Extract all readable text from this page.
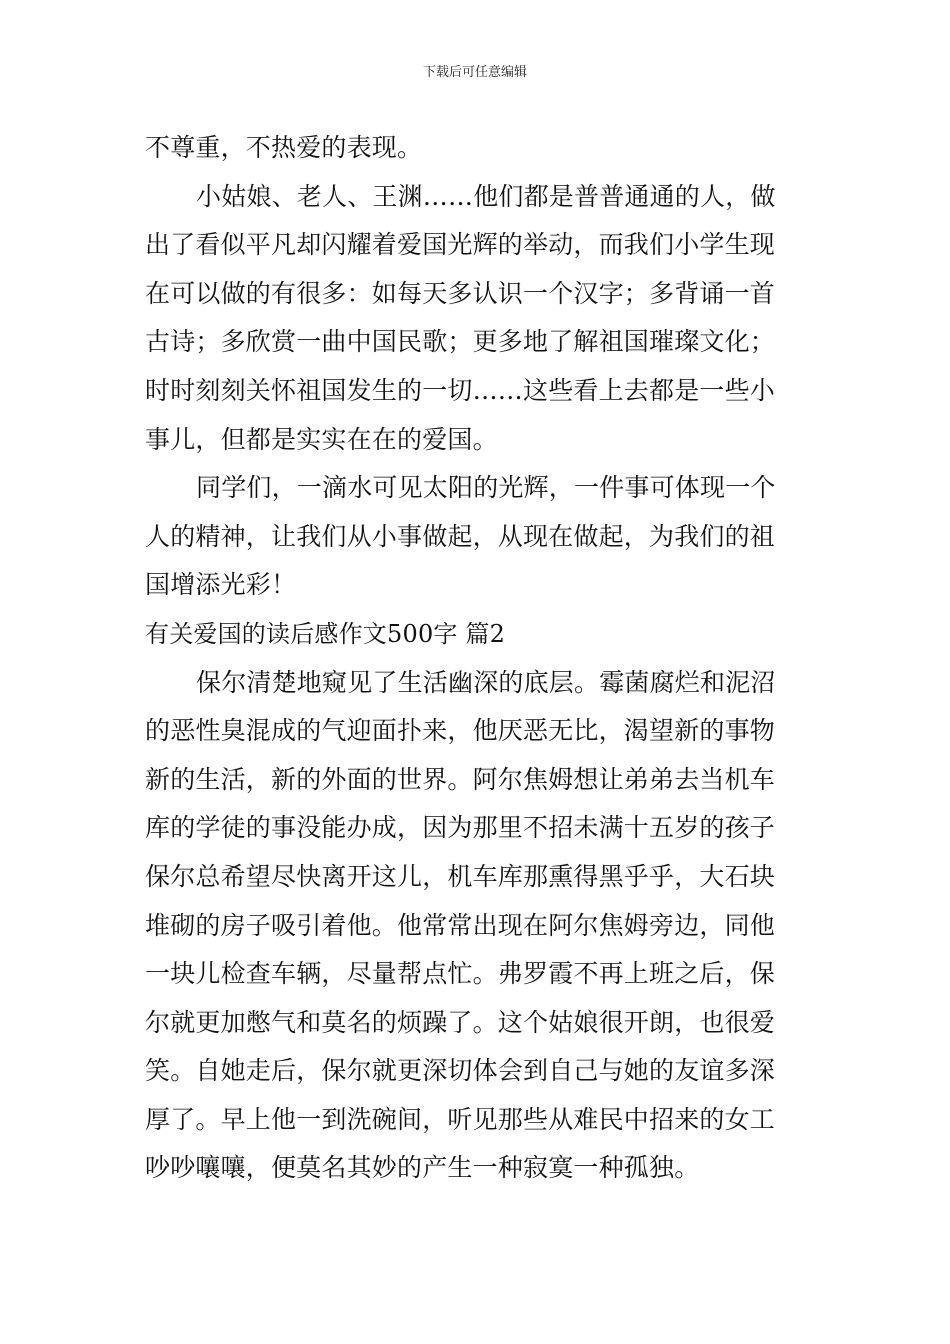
下载后可任意编辑
不尊重，不热爱的表现。
小姑娘、老人、王渊……他们都是普普通通的人，做
出了看似平凡却闪耀着爱国光辉的举动，而我们小学生现
在可以做的有很多：如每天多认识一个汉字；多背诵一首
古诗；多欣赏一曲中国民歌；更多地了解祖国璀璨文化；
时时刻刻关怀祖国发生的一切……这些看上去都是一些小
事儿，但都是实实在在的爱国。
同学们，一滴水可见太阳的光辉，一件事可体现一个
人的精神，让我们从小事做起，从现在做起，为我们的祖
国增添光彩！
有关爱国的读后感作文500字 篇2
保尔清楚地窥见了生活幽深的底层。霉菌腐烂和泥沼
的恶性臭混成的气迎面扑来，他厌恶无比，渴望新的事物
新的生活，新的外面的世界。阿尔焦姆想让弟弟去当机车
库的学徒的事没能办成，因为那里不招未满十五岁的孩子
保尔总希望尽快离开这儿，机车库那熏得黑乎乎，大石块
堆砌的房子吸引着他。他常常出现在阿尔焦姆旁边，同他
一块儿检查车辆，尽量帮点忙。弗罗霞不再上班之后，保
尔就更加憋气和莫名的烦躁了。这个姑娘很开朗，也很爱
笑。自她走后，保尔就更深切体会到自己与她的友谊多深
厚了。早上他一到洗碗间，听见那些从难民中招来的女工
吵吵嚷嚷，便莫名其妙的产生一种寂寞一种孤独。
